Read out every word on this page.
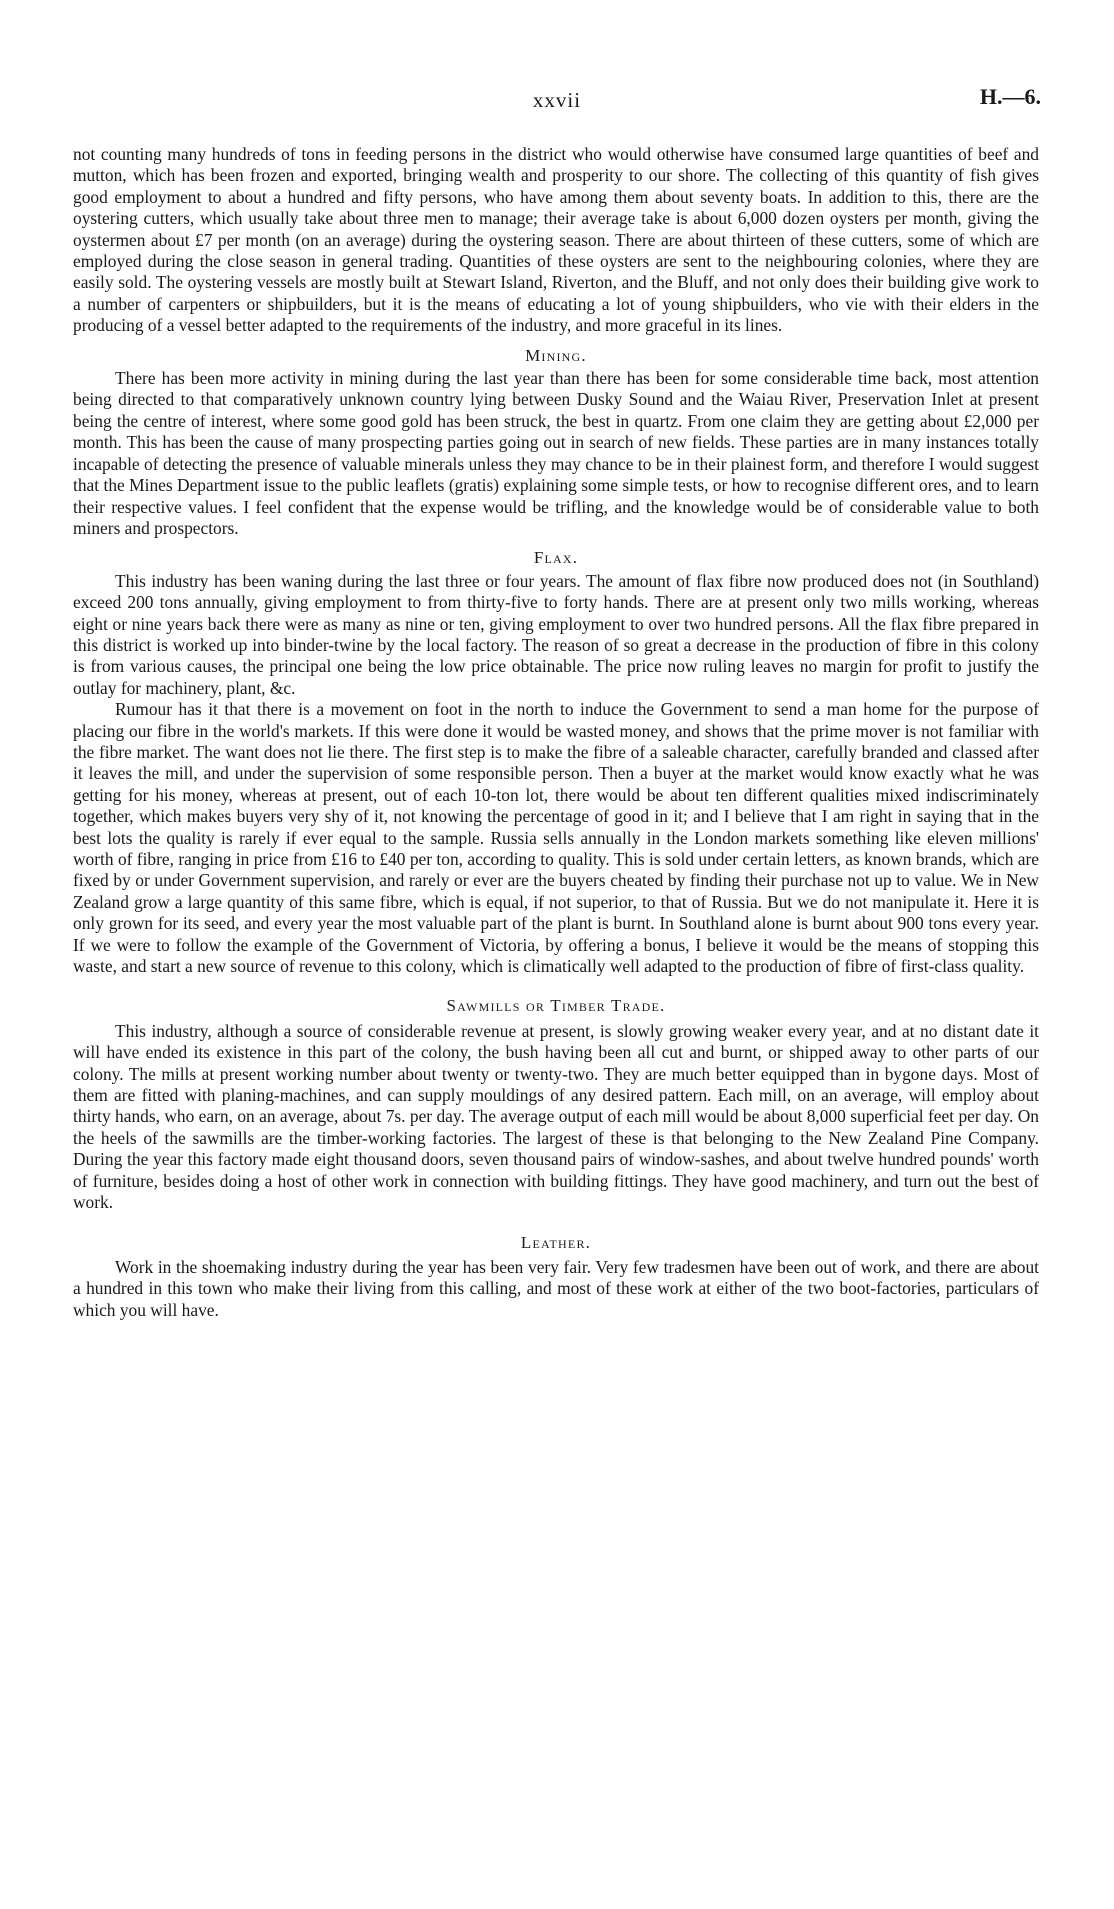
xxvii	H.—6.

not counting many hundreds of tons in feeding persons in the district who would otherwise have consumed large quantities of beef and mutton, which has been frozen and exported, bringing wealth and prosperity to our shore. The collecting of this quantity of fish gives good employment to about a hundred and fifty persons, who have among them about seventy boats. In addition to this, there are the oystering cutters, which usually take about three men to manage; their average take is about 6,000 dozen oysters per month, giving the oystermen about £7 per month (on an average) during the oystering season. There are about thirteen of these cutters, some of which are employed during the close season in general trading. Quantities of these oysters are sent to the neighbouring colonies, where they are easily sold. The oystering vessels are mostly built at Stewart Island, Riverton, and the Bluff, and not only does their building give work to a number of carpenters or shipbuilders, but it is the means of educating a lot of young shipbuilders, who vie with their elders in the producing of a vessel better adapted to the requirements of the industry, and more graceful in its lines.

Mining.

There has been more activity in mining during the last year than there has been for some considerable time back, most attention being directed to that comparatively unknown country lying between Dusky Sound and the Waiau River, Preservation Inlet at present being the centre of interest, where some good gold has been struck, the best in quartz. From one claim they are getting about £2,000 per month. This has been the cause of many prospecting parties going out in search of new fields. These parties are in many instances totally incapable of detecting the presence of valuable minerals unless they may chance to be in their plainest form, and therefore I would suggest that the Mines Department issue to the public leaflets (gratis) explaining some simple tests, or how to recognise different ores, and to learn their respective values. I feel confident that the expense would be trifling, and the knowledge would be of considerable value to both miners and prospectors.

Flax.

This industry has been waning during the last three or four years. The amount of flax fibre now produced does not (in Southland) exceed 200 tons annually, giving employment to from thirty-five to forty hands. There are at present only two mills working, whereas eight or nine years back there were as many as nine or ten, giving employment to over two hundred persons. All the flax fibre prepared in this district is worked up into binder-twine by the local factory. The reason of so great a decrease in the production of fibre in this colony is from various causes, the principal one being the low price obtainable. The price now ruling leaves no margin for profit to justify the outlay for machinery, plant, &c.

Rumour has it that there is a movement on foot in the north to induce the Government to send a man home for the purpose of placing our fibre in the world's markets. If this were done it would be wasted money, and shows that the prime mover is not familiar with the fibre market. The want does not lie there. The first step is to make the fibre of a saleable character, carefully branded and classed after it leaves the mill, and under the supervision of some responsible person. Then a buyer at the market would know exactly what he was getting for his money, whereas at present, out of each 10-ton lot, there would be about ten different qualities mixed indiscriminately together, which makes buyers very shy of it, not knowing the percentage of good in it; and I believe that I am right in saying that in the best lots the quality is rarely if ever equal to the sample. Russia sells annually in the London markets something like eleven millions' worth of fibre, ranging in price from £16 to £40 per ton, according to quality. This is sold under certain letters, as known brands, which are fixed by or under Government supervision, and rarely or ever are the buyers cheated by finding their purchase not up to value. We in New Zealand grow a large quantity of this same fibre, which is equal, if not superior, to that of Russia. But we do not manipulate it. Here it is only grown for its seed, and every year the most valuable part of the plant is burnt. In Southland alone is burnt about 900 tons every year. If we were to follow the example of the Government of Victoria, by offering a bonus, I believe it would be the means of stopping this waste, and start a new source of revenue to this colony, which is climatically well adapted to the production of fibre of first-class quality.

Sawmills or Timber Trade.

This industry, although a source of considerable revenue at present, is slowly growing weaker every year, and at no distant date it will have ended its existence in this part of the colony, the bush having been all cut and burnt, or shipped away to other parts of our colony. The mills at present working number about twenty or twenty-two. They are much better equipped than in bygone days. Most of them are fitted with planing-machines, and can supply mouldings of any desired pattern. Each mill, on an average, will employ about thirty hands, who earn, on an average, about 7s. per day. The average output of each mill would be about 8,000 superficial feet per day. On the heels of the sawmills are the timber-working factories. The largest of these is that belonging to the New Zealand Pine Company. During the year this factory made eight thousand doors, seven thousand pairs of window-sashes, and about twelve hundred pounds' worth of furniture, besides doing a host of other work in connection with building fittings. They have good machinery, and turn out the best of work.

Leather.

Work in the shoemaking industry during the year has been very fair. Very few tradesmen have been out of work, and there are about a hundred in this town who make their living from this calling, and most of these work at either of the two boot-factories, particulars of which you will have.
